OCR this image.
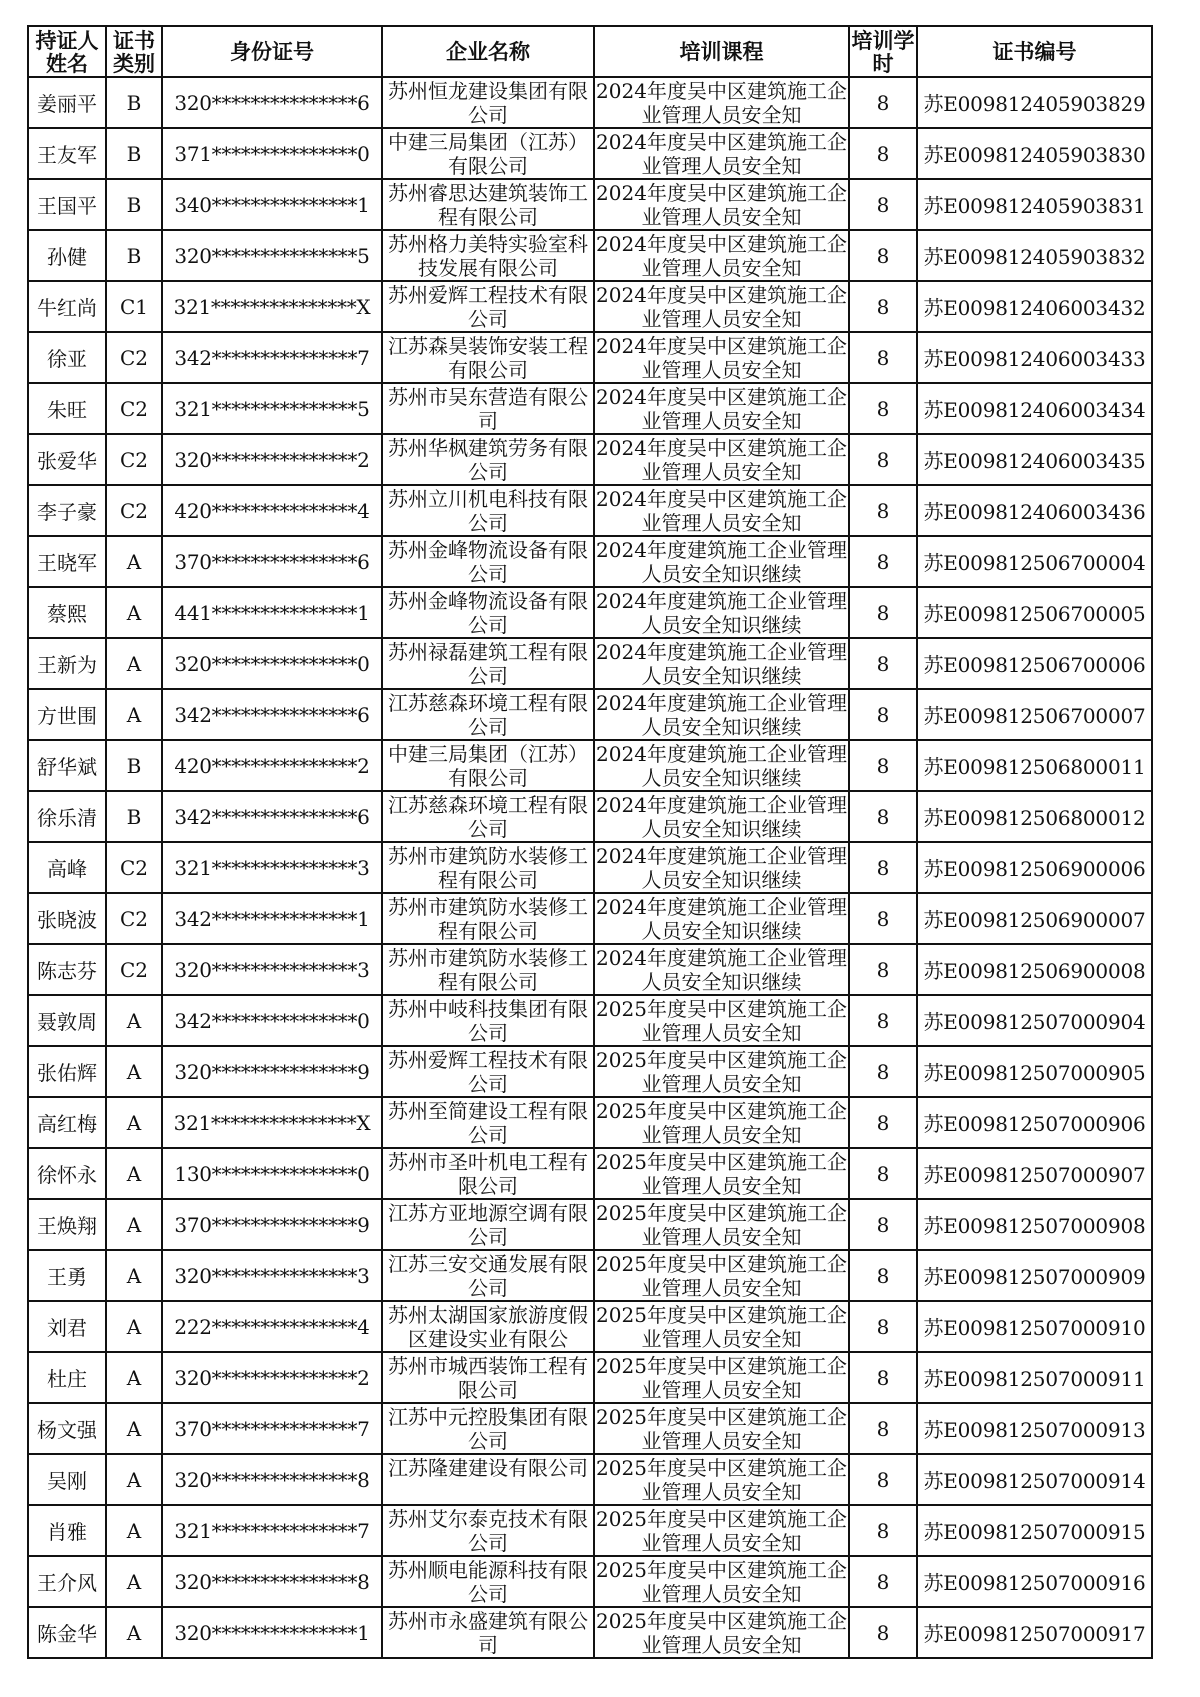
持证人姓名	证书类别	身份证号	企业名称	培训课程	培训学时	证书编号
姜丽平	B	320***************6	苏州恒龙建设集团有限公司	2024年度吴中区建筑施工企业管理人员安全知	8	苏E009812405903829
王友军	B	371***************0	中建三局集团（江苏）有限公司	2024年度吴中区建筑施工企业管理人员安全知	8	苏E009812405903830
王国平	B	340***************1	苏州睿思达建筑装饰工程有限公司	2024年度吴中区建筑施工企业管理人员安全知	8	苏E009812405903831
孙健	B	320***************5	苏州格力美特实验室科技发展有限公司	2024年度吴中区建筑施工企业管理人员安全知	8	苏E009812405903832
牛红尚	C1	321***************X	苏州爱辉工程技术有限公司	2024年度吴中区建筑施工企业管理人员安全知	8	苏E009812406003432
徐亚	C2	342***************7	江苏森昊装饰安装工程有限公司	2024年度吴中区建筑施工企业管理人员安全知	8	苏E009812406003433
朱旺	C2	321***************5	苏州市吴东营造有限公司	2024年度吴中区建筑施工企业管理人员安全知	8	苏E009812406003434
张爱华	C2	320***************2	苏州华枫建筑劳务有限公司	2024年度吴中区建筑施工企业管理人员安全知	8	苏E009812406003435
李子豪	C2	420***************4	苏州立川机电科技有限公司	2024年度吴中区建筑施工企业管理人员安全知	8	苏E009812406003436
王晓军	A	370***************6	苏州金峰物流设备有限公司	2024年度建筑施工企业管理人员安全知识继续	8	苏E009812506700004
蔡熙	A	441***************1	苏州金峰物流设备有限公司	2024年度建筑施工企业管理人员安全知识继续	8	苏E009812506700005
王新为	A	320***************0	苏州禄磊建筑工程有限公司	2024年度建筑施工企业管理人员安全知识继续	8	苏E009812506700006
方世围	A	342***************6	江苏慈森环境工程有限公司	2024年度建筑施工企业管理人员安全知识继续	8	苏E009812506700007
舒华斌	B	420***************2	中建三局集团（江苏）有限公司	2024年度建筑施工企业管理人员安全知识继续	8	苏E009812506800011
徐乐清	B	342***************6	江苏慈森环境工程有限公司	2024年度建筑施工企业管理人员安全知识继续	8	苏E009812506800012
高峰	C2	321***************3	苏州市建筑防水装修工程有限公司	2024年度建筑施工企业管理人员安全知识继续	8	苏E009812506900006
张晓波	C2	342***************1	苏州市建筑防水装修工程有限公司	2024年度建筑施工企业管理人员安全知识继续	8	苏E009812506900007
陈志芬	C2	320***************3	苏州市建筑防水装修工程有限公司	2024年度建筑施工企业管理人员安全知识继续	8	苏E009812506900008
聂敦周	A	342***************0	苏州中岐科技集团有限公司	2025年度吴中区建筑施工企业管理人员安全知	8	苏E009812507000904
张佑辉	A	320***************9	苏州爱辉工程技术有限公司	2025年度吴中区建筑施工企业管理人员安全知	8	苏E009812507000905
高红梅	A	321***************X	苏州至简建设工程有限公司	2025年度吴中区建筑施工企业管理人员安全知	8	苏E009812507000906
徐怀永	A	130***************0	苏州市圣叶机电工程有限公司	2025年度吴中区建筑施工企业管理人员安全知	8	苏E009812507000907
王焕翔	A	370***************9	江苏方亚地源空调有限公司	2025年度吴中区建筑施工企业管理人员安全知	8	苏E009812507000908
王勇	A	320***************3	江苏三安交通发展有限公司	2025年度吴中区建筑施工企业管理人员安全知	8	苏E009812507000909
刘君	A	222***************4	苏州太湖国家旅游度假区建设实业有限公	2025年度吴中区建筑施工企业管理人员安全知	8	苏E009812507000910
杜庄	A	320***************2	苏州市城西装饰工程有限公司	2025年度吴中区建筑施工企业管理人员安全知	8	苏E009812507000911
杨文强	A	370***************7	江苏中元控股集团有限公司	2025年度吴中区建筑施工企业管理人员安全知	8	苏E009812507000913
吴刚	A	320***************8	江苏隆建建设有限公司	2025年度吴中区建筑施工企业管理人员安全知	8	苏E009812507000914
肖雅	A	321***************7	苏州艾尔泰克技术有限公司	2025年度吴中区建筑施工企业管理人员安全知	8	苏E009812507000915
王介风	A	320***************8	苏州顺电能源科技有限公司	2025年度吴中区建筑施工企业管理人员安全知	8	苏E009812507000916
陈金华	A	320***************1	苏州市永盛建筑有限公司	2025年度吴中区建筑施工企业管理人员安全知	8	苏E009812507000917
